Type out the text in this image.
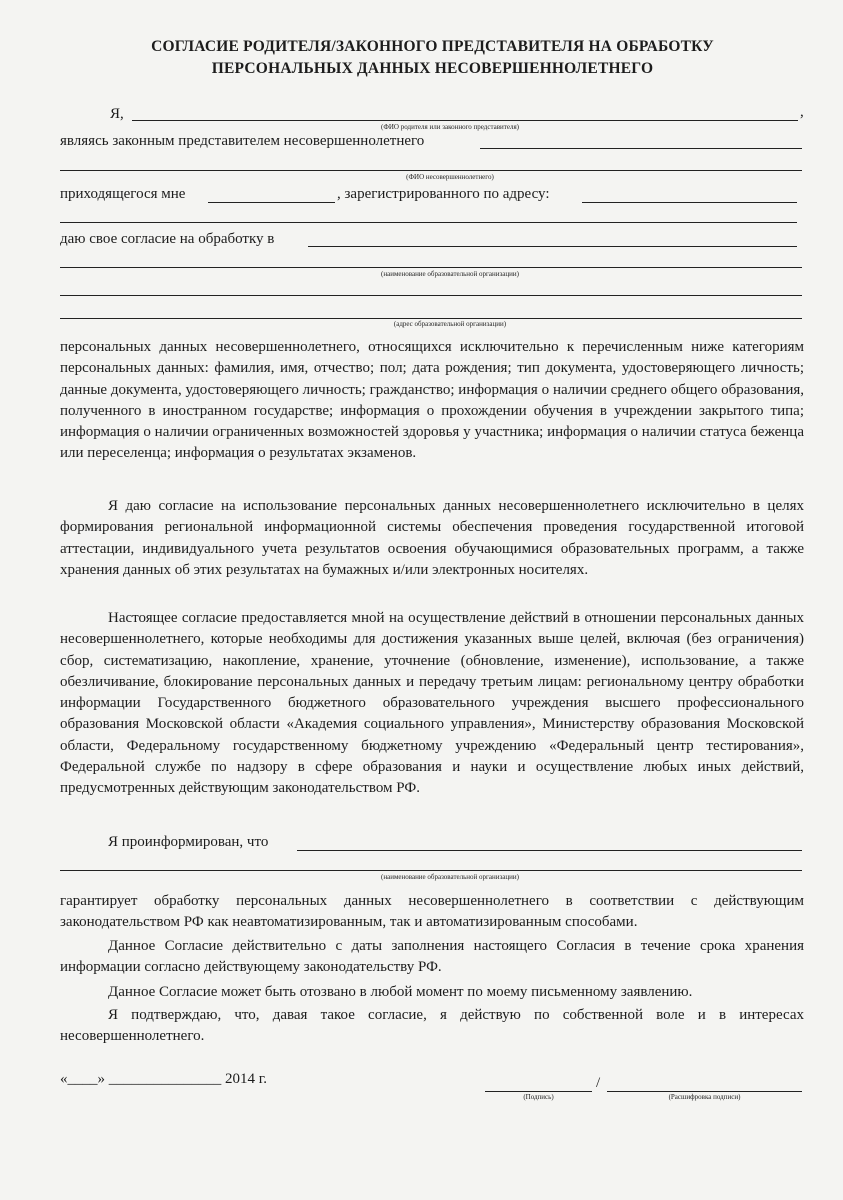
СОГЛАСИЕ РОДИТЕЛЯ/ЗАКОННОГО ПРЕДСТАВИТЕЛЯ НА ОБРАБОТКУ
ПЕРСОНАЛЬНЫХ ДАННЫХ НЕСОВЕРШЕННОЛЕТНЕГО
Я,	,
(ФИО родителя или законного представителя)
являясь законным представителем несовершеннолетнего
(ФИО несовершеннолетнего)
приходящегося мне	, зарегистрированного по адресу:
даю свое согласие на обработку в
(наименование образовательной организации)
(адрес образовательной организации)
персональных данных несовершеннолетнего, относящихся исключительно к перечисленным ниже категориям персональных данных: фамилия, имя, отчество; пол; дата рождения; тип документа, удостоверяющего личность; данные документа, удостоверяющего личность; гражданство; информация о наличии среднего общего образования, полученного в иностранном государстве; информация о прохождении обучения в учреждении закрытого типа; информация о наличии ограниченных возможностей здоровья у участника; информация о наличии статуса беженца или переселенца; информация о результатах экзаменов.
Я даю согласие на использование персональных данных несовершеннолетнего исключительно в целях формирования региональной информационной системы обеспечения проведения государственной итоговой аттестации, индивидуального учета результатов освоения обучающимися образовательных программ, а также хранения данных об этих результатах на бумажных и/или электронных носителях.
Настоящее согласие предоставляется мной на осуществление действий в отношении персональных данных несовершеннолетнего, которые необходимы для достижения указанных выше целей, включая (без ограничения) сбор, систематизацию, накопление, хранение, уточнение (обновление, изменение), использование, а также обезличивание, блокирование персональных данных и передачу третьим лицам: региональному центру обработки информации Государственного бюджетного образовательного учреждения высшего профессионального образования Московской области «Академия социального управления», Министерству образования Московской области, Федеральному государственному бюджетному учреждению «Федеральный центр тестирования», Федеральной службе по надзору в сфере образования и науки и осуществление любых иных действий, предусмотренных действующим законодательством РФ.
Я проинформирован, что
(наименование образовательной организации)
гарантирует обработку персональных данных несовершеннолетнего в соответствии с действующим законодательством РФ как неавтоматизированным, так и автоматизированным способами.
Данное Согласие действительно с даты заполнения настоящего Согласия в течение срока хранения информации согласно действующему законодательству РФ.
Данное Согласие может быть отозвано в любой момент по моему письменному заявлению.
Я подтверждаю, что, давая такое согласие, я действую по собственной воле и в интересах несовершеннолетнего.
«____» _______________ 2014 г.	/
(Подпись)	(Расшифровка подписи)
